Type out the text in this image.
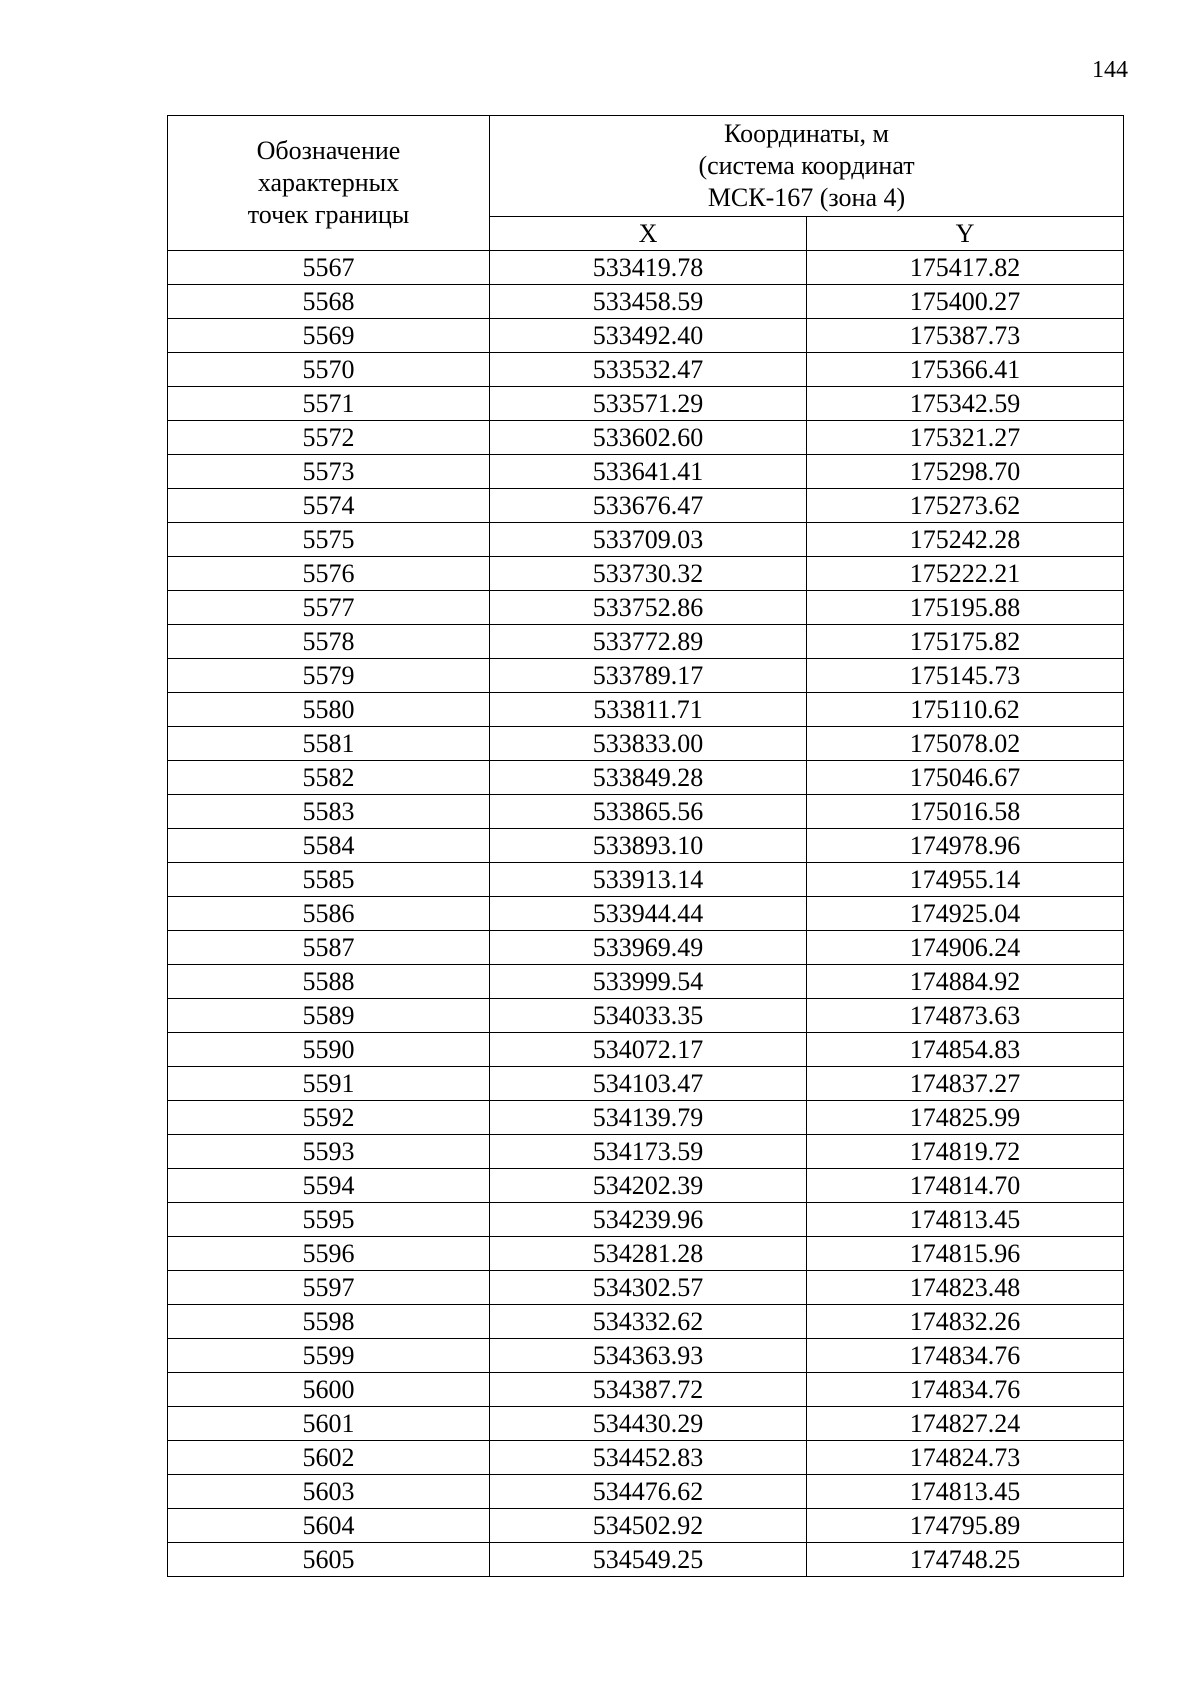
144
Обозначение
характерных
точек границы	Координаты, м
(система координат
МСК-167 (зона 4)	
	X	Y
5567	533419.78	175417.82
5568	533458.59	175400.27
5569	533492.40	175387.73
5570	533532.47	175366.41
5571	533571.29	175342.59
5572	533602.60	175321.27
5573	533641.41	175298.70
5574	533676.47	175273.62
5575	533709.03	175242.28
5576	533730.32	175222.21
5577	533752.86	175195.88
5578	533772.89	175175.82
5579	533789.17	175145.73
5580	533811.71	175110.62
5581	533833.00	175078.02
5582	533849.28	175046.67
5583	533865.56	175016.58
5584	533893.10	174978.96
5585	533913.14	174955.14
5586	533944.44	174925.04
5587	533969.49	174906.24
5588	533999.54	174884.92
5589	534033.35	174873.63
5590	534072.17	174854.83
5591	534103.47	174837.27
5592	534139.79	174825.99
5593	534173.59	174819.72
5594	534202.39	174814.70
5595	534239.96	174813.45
5596	534281.28	174815.96
5597	534302.57	174823.48
5598	534332.62	174832.26
5599	534363.93	174834.76
5600	534387.72	174834.76
5601	534430.29	174827.24
5602	534452.83	174824.73
5603	534476.62	174813.45
5604	534502.92	174795.89
5605	534549.25	174748.25
